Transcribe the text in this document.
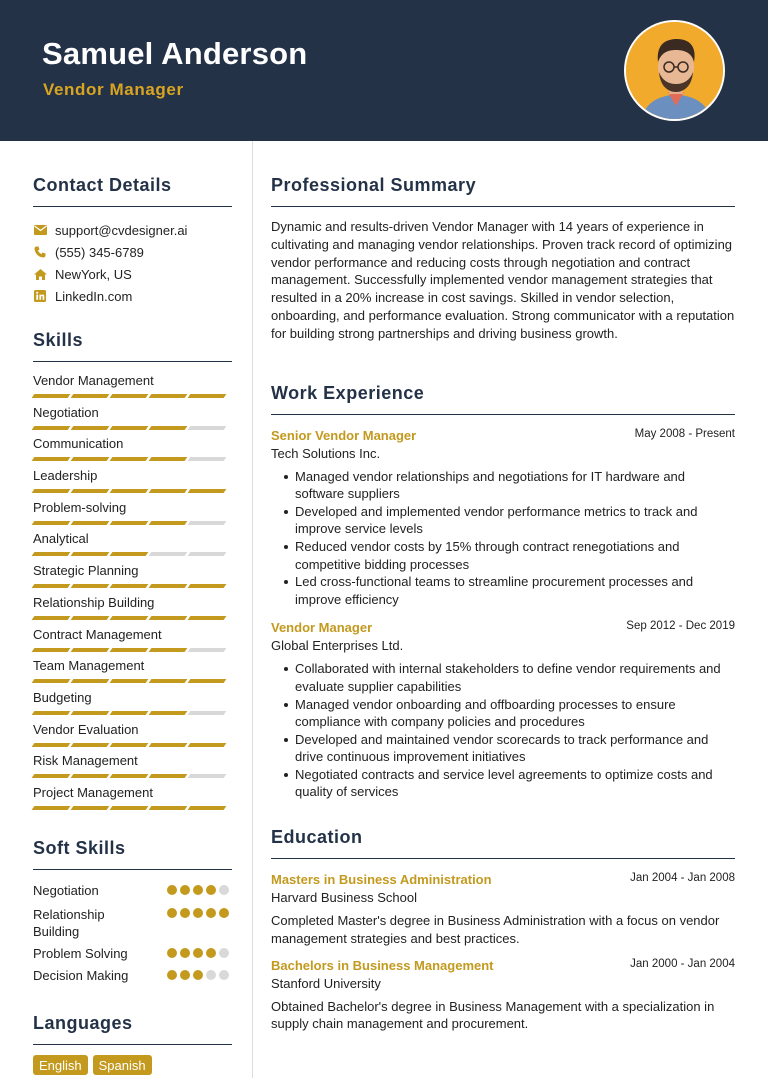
Samuel Anderson
Vendor Manager
Contact Details
support@cvdesigner.ai
(555) 345-6789
NewYork, US
LinkedIn.com
Skills
Vendor Management
Negotiation
Communication
Leadership
Problem-solving
Analytical
Strategic Planning
Relationship Building
Contract Management
Team Management
Budgeting
Vendor Evaluation
Risk Management
Project Management
Soft Skills
Negotiation
Relationship Building
Problem Solving
Decision Making
Languages
English	Spanish
Professional Summary

Dynamic and results-driven Vendor Manager with 14 years of experience in cultivating and managing vendor relationships. Proven track record of optimizing vendor performance and reducing costs through negotiation and contract management. Successfully implemented vendor management strategies that resulted in a 20% increase in cost savings. Skilled in vendor selection, onboarding, and performance evaluation. Strong communicator with a reputation for building strong partnerships and driving business growth.

Work Experience
Senior Vendor Manager	May 2008 - Present
Tech Solutions Inc.
Managed vendor relationships and negotiations for IT hardware and software suppliers
Developed and implemented vendor performance metrics to track and improve service levels
Reduced vendor costs by 15% through contract renegotiations and competitive bidding processes
Led cross-functional teams to streamline procurement processes and improve efficiency
Vendor Manager	Sep 2012 - Dec 2019
Global Enterprises Ltd.
Collaborated with internal stakeholders to define vendor requirements and evaluate supplier capabilities
Managed vendor onboarding and offboarding processes to ensure compliance with company policies and procedures
Developed and maintained vendor scorecards to track performance and drive continuous improvement initiatives
Negotiated contracts and service level agreements to optimize costs and quality of services
Education
Masters in Business Administration	Jan 2004 - Jan 2008
Harvard Business School

Completed Master's degree in Business Administration with a focus on vendor management strategies and best practices.

Bachelors in Business Management	Jan 2000 - Jan 2004
Stanford University

Obtained Bachelor's degree in Business Management with a specialization in supply chain management and procurement.
